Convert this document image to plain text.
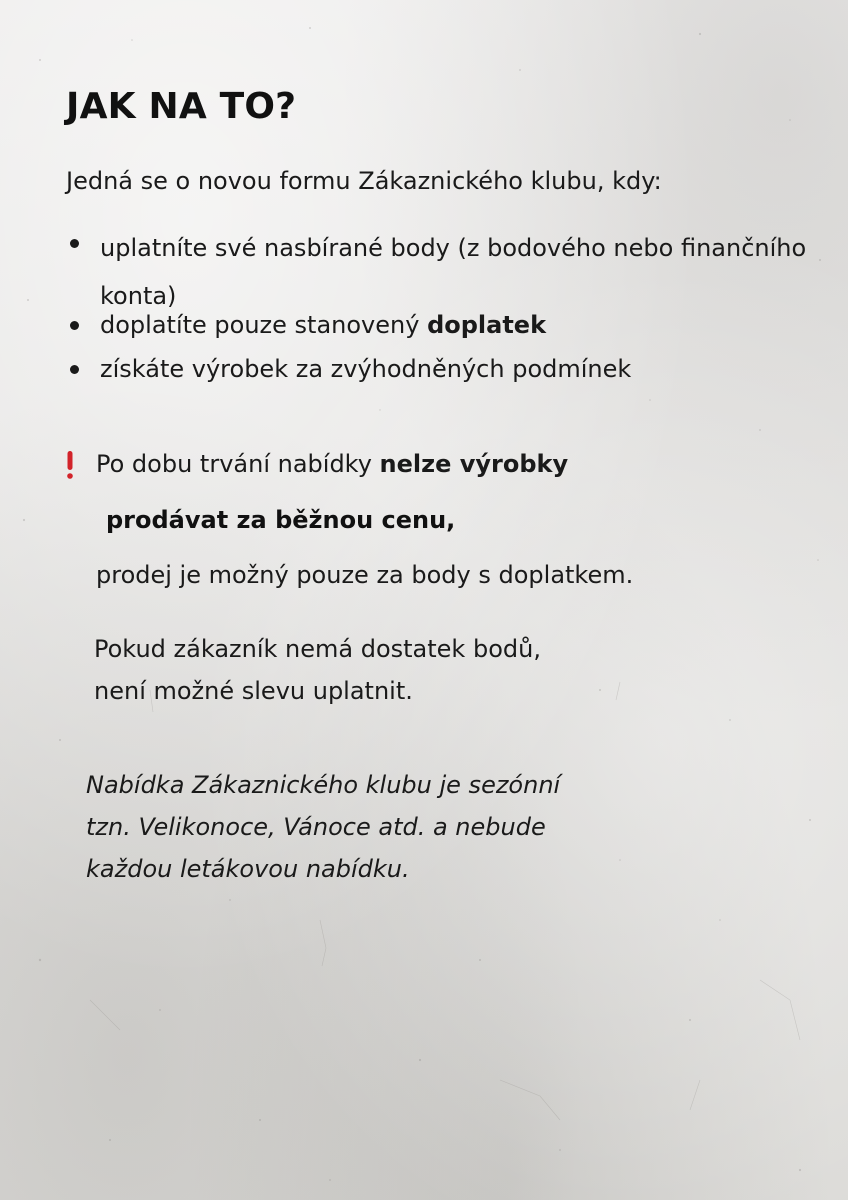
JAK NA TO?

Jedná se o novou formu Zákaznického klubu, kdy:

uplatníte své nasbírané body (z bodového nebo finančního konta)
doplatíte pouze stanovený doplatek
získáte výrobek za zvýhodněných podmínek

Po dobu trvání nabídky nelze výrobky

prodávat za běžnou cenu,

prodej je možný pouze za body s doplatkem.

Pokud zákazník nemá dostatek bodů,
není možné slevu uplatnit.

Nabídka Zákaznického klubu je sezónní
tzn. Velikonoce, Vánoce atd. a nebude
každou letákovou nabídku.
